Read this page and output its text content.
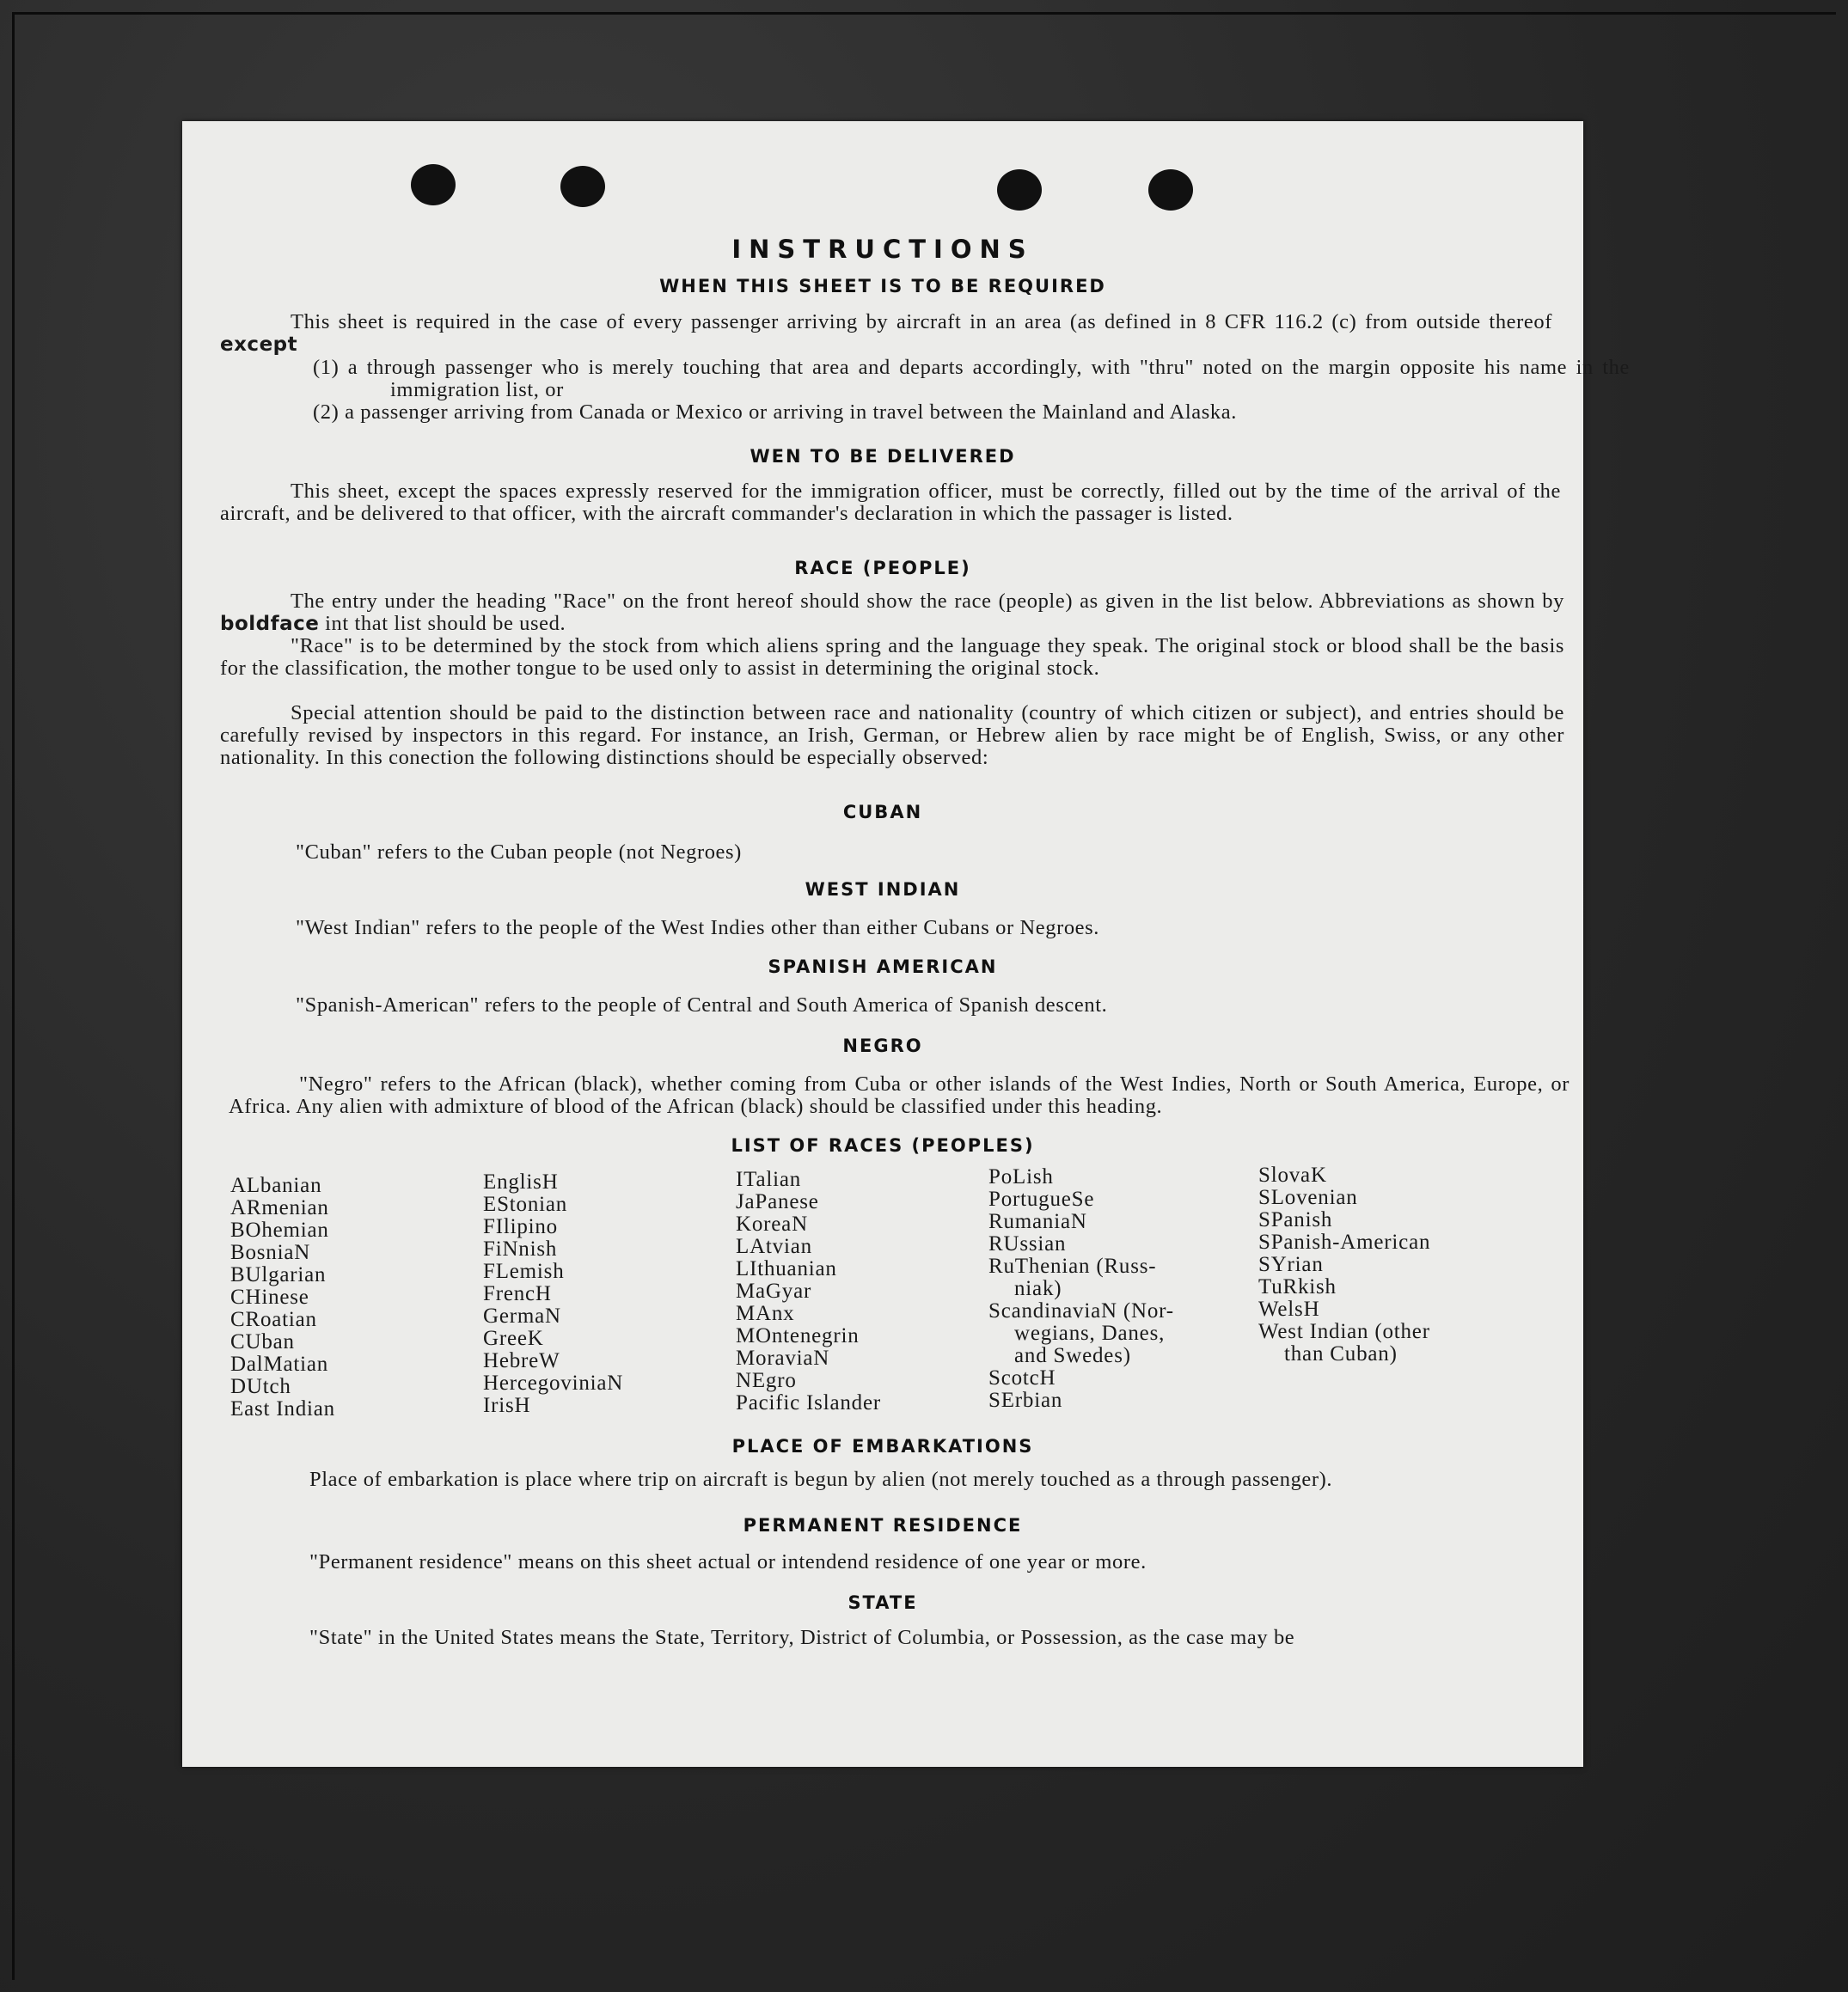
INSTRUCTIONS
WHEN THIS SHEET IS TO BE REQUIRED
This sheet is required in the case of every passenger arriving by aircraft in an area (as defined in 8 CFR 116.2 (c) from outside thereof except
(1) a through passenger who is merely touching that area and departs accordingly, with "thru" noted on the margin opposite his name in the immigration list, or
(2) a passenger arriving from Canada or Mexico or arriving in travel between the Mainland and Alaska.
WEN TO BE DELIVERED
This sheet, except the spaces expressly reserved for the immigration officer, must be correctly, filled out by the time of the arrival of the aircraft, and be delivered to that officer, with the aircraft commander's declaration in which the passager is listed.
RACE (PEOPLE)
The entry under the heading "Race" on the front hereof should show the race (people) as given in the list below. Abbreviations as shown by boldface int that list should be used.
"Race" is to be determined by the stock from which aliens spring and the language they speak. The original stock or blood shall be the basis for the classification, the mother tongue to be used only to assist in determining the original stock.
Special attention should be paid to the distinction between race and nationality (country of which citizen or subject), and entries should be carefully revised by inspectors in this regard. For instance, an Irish, German, or Hebrew alien by race might be of English, Swiss, or any other nationality. In this conection the following distinctions should be especially observed:
CUBAN
"Cuban" refers to the Cuban people (not Negroes)
WEST INDIAN
"West Indian" refers to the people of the West Indies other than either Cubans or Negroes.
SPANISH AMERICAN
"Spanish-American" refers to the people of Central and South America of Spanish descent.
NEGRO
"Negro" refers to the African (black), whether coming from Cuba or other islands of the West Indies, North or South America, Europe, or Africa. Any alien with admixture of blood of the African (black) should be classified under this heading.
LIST OF RACES (PEOPLES)
ALbanian
ARmenian
BOhemian
BosniaN
BUlgarian
CHinese
CRoatian
CUban
DalMatian
DUtch
East Indian
EnglisH
EStonian
FIlipino
FiNnish
FLemish
FrencH
GermaN
GreeK
HebreW
HercegoviniaN
IrisH
ITalian
JaPanese
KoreaN
LAtvian
LIthuanian
MaGyar
MAnx
MOntenegrin
MoraviaN
NEgro
Pacific Islander
PoLish
PortugueSe
RumaniaN
RUssian
RuThenian (Russ-
niak)
ScandinaviaN (Nor-
wegians, Danes,
and Swedes)
ScotcH
SErbian
SlovaK
SLovenian
SPanish
SPanish-American
SYrian
TuRkish
WelsH
West Indian (other
than Cuban)
PLACE OF EMBARKATIONS
Place of embarkation is place where trip on aircraft is begun by alien (not merely touched as a through passenger).
PERMANENT RESIDENCE
"Permanent residence" means on this sheet actual or intendend residence of one year or more.
STATE
"State" in the United States means the State, Territory, District of Columbia, or Possession, as the case may be
